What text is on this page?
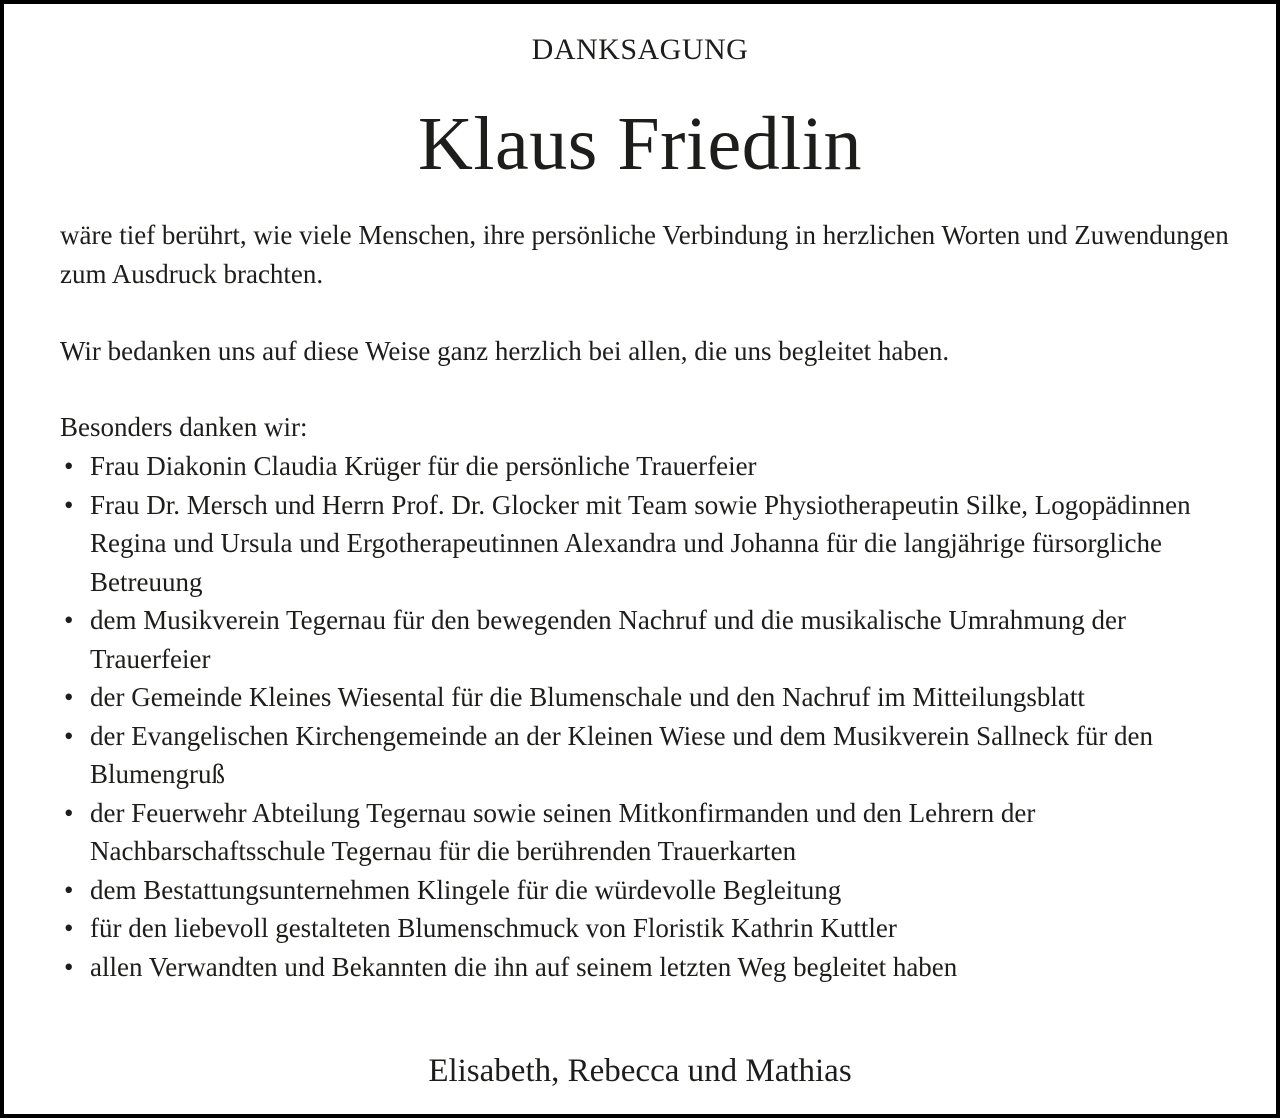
DANKSAGUNG
Klaus Friedlin
wäre tief berührt, wie viele Menschen, ihre persönliche Verbindung in herzlichen Worten und Zuwendungen zum Ausdruck brachten.
Wir bedanken uns auf diese Weise ganz herzlich bei allen, die uns begleitet haben.
Besonders danken wir:
• Frau Diakonin Claudia Krüger für die persönliche Trauerfeier
• Frau Dr. Mersch und Herrn Prof. Dr. Glocker mit Team sowie Physiotherapeutin Silke, Logopädinnen Regina und Ursula und Ergotherapeutinnen Alexandra und Johanna für die langjährige fürsorgliche Betreuung
• dem Musikverein Tegernau für den bewegenden Nachruf und die musikalische Umrahmung der Trauerfeier
• der Gemeinde Kleines Wiesental für die Blumenschale und den Nachruf im Mitteilungsblatt
• der Evangelischen Kirchengemeinde an der Kleinen Wiese und dem Musikverein Sallneck für den Blumengruß
• der Feuerwehr Abteilung Tegernau sowie seinen Mitkonfirmanden und den Lehrern der Nachbarschaftsschule Tegernau für die berührenden Trauerkarten
• dem Bestattungsunternehmen Klingele für die würdevolle Begleitung
• für den liebevoll gestalteten Blumenschmuck von Floristik Kathrin Kuttler
• allen Verwandten und Bekannten die ihn auf seinem letzten Weg begleitet haben
Elisabeth, Rebecca und Mathias
